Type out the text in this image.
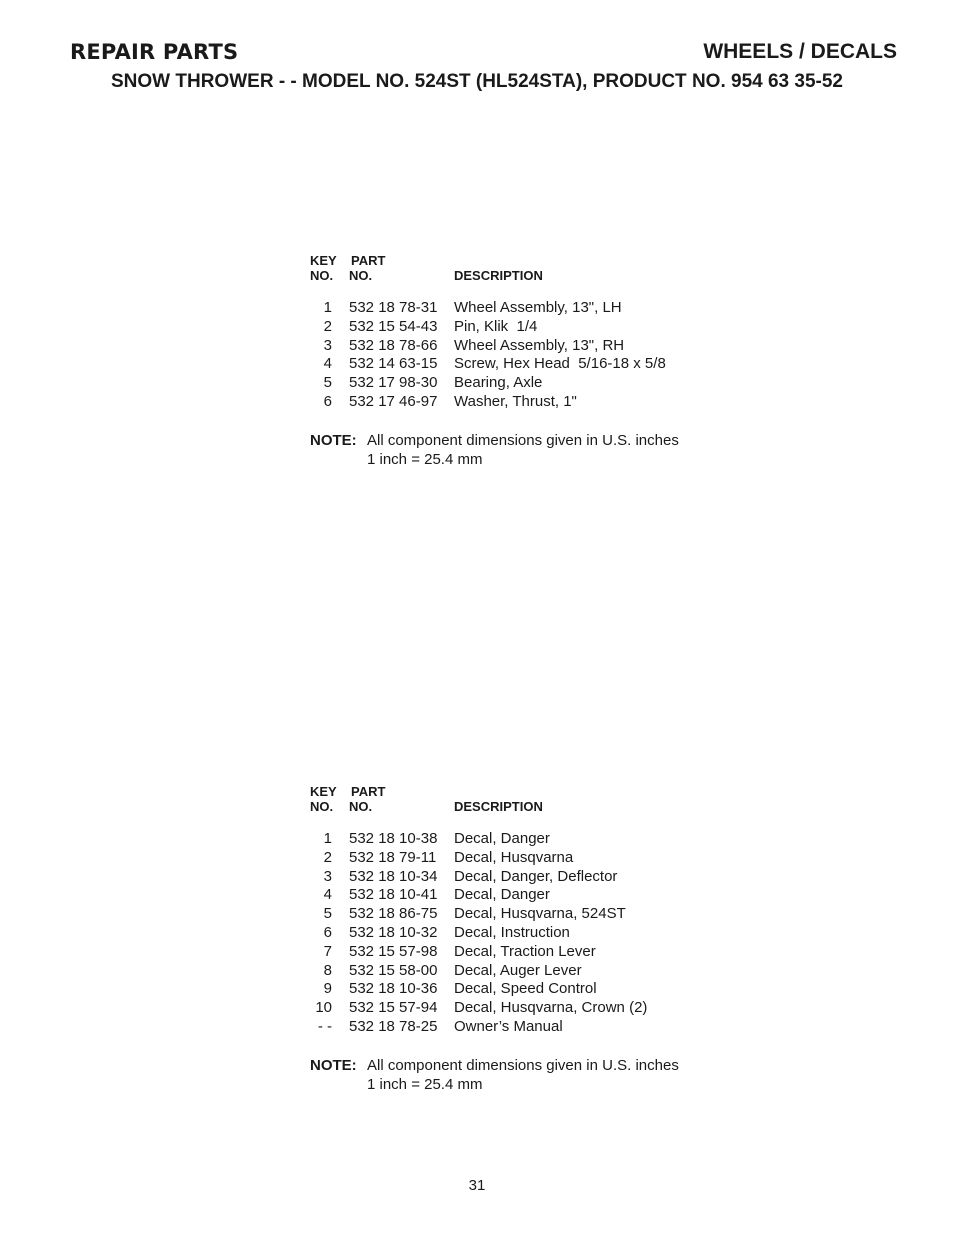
REPAIR PARTS	WHEELS / DECALS
SNOW THROWER - - MODEL NO. 524ST (HL524STA), PRODUCT NO. 954 63 35-52
KEY
NO.
PART
NO.	DESCRIPTION
1 532 18 78-31 Wheel Assembly, 13", LH
2 532 15 54-43 Pin, Klik  1/4
3 532 18 78-66 Wheel Assembly, 13", RH
4 532 14 63-15 Screw, Hex Head  5/16-18 x 5/8
5 532 17 98-30 Bearing, Axle
6 532 17 46-97 Washer, Thrust, 1"
NOTE: All component dimensions given in U.S. inches
1 inch = 25.4 mm
KEY
NO.
PART
NO.	DESCRIPTION
1 532 18 10-38 Decal, Danger
2 532 18 79-11 Decal, Husqvarna
3 532 18 10-34 Decal, Danger, Deflector
4 532 18 10-41 Decal, Danger
5 532 18 86-75 Decal, Husqvarna, 524ST
6 532 18 10-32 Decal, Instruction
7 532 15 57-98 Decal, Traction Lever
8 532 15 58-00 Decal, Auger Lever
9 532 18 10-36 Decal, Speed Control
10 532 15 57-94 Decal, Husqvarna, Crown (2)
- - 532 18 78-25 Owner’s Manual
NOTE: All component dimensions given in U.S. inches
1 inch = 25.4 mm
31
